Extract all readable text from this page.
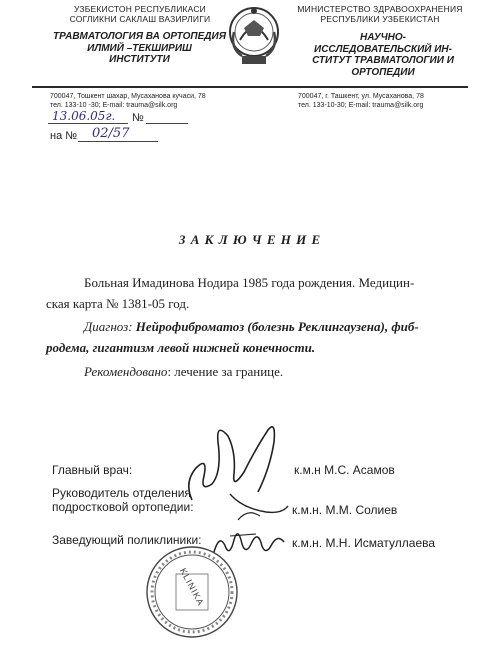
УЗБЕКИСТОН РЕСПУБЛИКАСИ
СОГЛИКНИ САКЛАШ ВАЗИРЛИГИ
ТРАВМАТОЛОГИЯ ВА ОРТОПЕДИЯ
ИЛМИЙ –ТЕКШИРИШ
ИНСТИТУТИ
МИНИСТЕРСТВО ЗДРАВООХРАНЕНИЯ
РЕСПУБЛИКИ УЗБЕКИСТАН
НАУЧНО-
ИССЛЕДОВАТЕЛЬСКИЙ ИН-
СТИТУТ ТРАВМАТОЛОГИИ И
ОРТОПЕДИИ
700047, Тошкент шахар, Мусаханова кучаси, 78
тел. 133-10 -30; E-mail: trauma@silk.org
700047, г. Ташкент, ул. Мусаханова, 78
тел. 133-10-30; E-mail: trauma@silk.org
13.06.05г. №
на № 02/57
З А К Л Ю Ч Е Н И Е
Больная Имадинова Нодира 1985 года рождения. Медицин-
ская карта № 1381-05 год.
Диагноз: Нейрофиброматоз (болезнь Реклингаузена), фиб-
родема, гигантизм левой нижней конечности.
Рекомендовано: лечение за границе.
Главный врач:	к.м.н М.С. Асамов
Руководитель отделения
подростковой ортопедии:	к.м.н. М.М. Солиев
Заведующий поликлиники:	к.м.н. М.Н. Исматуллаева
KLINIKA
